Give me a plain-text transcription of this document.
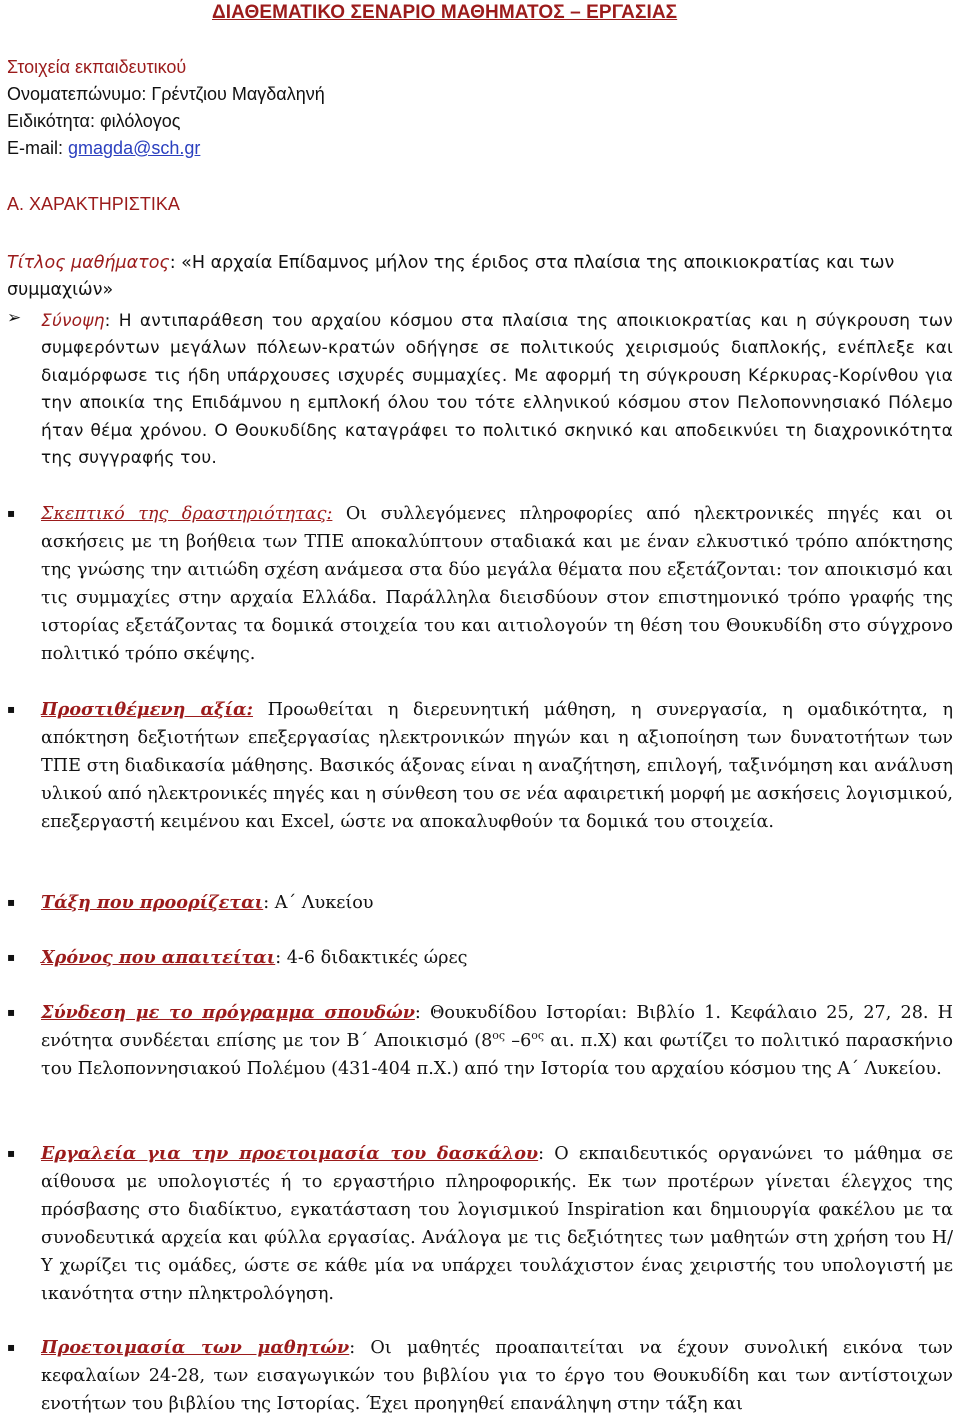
ΔΙΑΘΕΜΑΤΙΚΟ ΣΕΝΑΡΙΟ ΜΑΘΗΜΑΤΟΣ – ΕΡΓΑΣΙΑΣ
Στοιχεία εκπαιδευτικού
Ονοματεπώνυμο: Γρέντζιου Μαγδαληνή
Ειδικότητα: φιλόλογος
E-mail: gmagda@sch.gr
Α. ΧΑΡΑΚΤΗΡΙΣΤΙΚΑ
Τίτλος μαθήματος: «Η αρχαία Επίδαμνος μήλον της έριδος στα πλαίσια της αποικιοκρατίας και των συμμαχιών»
➢ Σύνοψη: Η αντιπαράθεση του αρχαίου κόσμου στα πλαίσια της αποικιοκρατίας και η σύγκρουση των συμφερόντων μεγάλων πόλεων-κρατών οδήγησε σε πολιτικούς χειρισμούς διαπλοκής, ενέπλεξε και διαμόρφωσε τις ήδη υπάρχουσες ισχυρές συμμαχίες. Με αφορμή τη σύγκρουση Κέρκυρας-Κορίνθου για την αποικία της Επιδάμνου η εμπλοκή όλου του τότε ελληνικού κόσμου στον Πελοποννησιακό Πόλεμο ήταν θέμα χρόνου. Ο Θουκυδίδης καταγράφει το πολιτικό σκηνικό και αποδεικνύει τη διαχρονικότητα της συγγραφής του.
▪ Σκεπτικό της δραστηριότητας: Οι συλλεγόμενες πληροφορίες από ηλεκτρονικές πηγές και οι ασκήσεις με τη βοήθεια των ΤΠΕ αποκαλύπτουν σταδιακά και με έναν ελκυστικό τρόπο απόκτησης της γνώσης την αιτιώδη σχέση ανάμεσα στα δύο μεγάλα θέματα που εξετάζονται: τον αποικισμό και τις συμμαχίες στην αρχαία Ελλάδα. Παράλληλα διεισδύουν στον επιστημονικό τρόπο γραφής της ιστορίας εξετάζοντας τα δομικά στοιχεία του και αιτιολογούν τη θέση του Θουκυδίδη στο σύγχρονο πολιτικό τρόπο σκέψης.
▪ Προστιθέμενη αξία: Προωθείται η διερευνητική μάθηση, η συνεργασία, η ομαδικότητα, η απόκτηση δεξιοτήτων επεξεργασίας ηλεκτρονικών πηγών και η αξιοποίηση των δυνατοτήτων των ΤΠΕ στη διαδικασία μάθησης. Βασικός άξονας είναι η αναζήτηση, επιλογή, ταξινόμηση και ανάλυση υλικού από ηλεκτρονικές πηγές και η σύνθεση του σε νέα αφαιρετική μορφή με ασκήσεις λογισμικού, επεξεργαστή κειμένου και Excel, ώστε να αποκαλυφθούν τα δομικά του στοιχεία.
▪ Τάξη που προορίζεται: Α΄ Λυκείου
▪ Χρόνος που απαιτείται: 4-6 διδακτικές ώρες
▪ Σύνδεση με το πρόγραμμα σπουδών: Θουκυδίδου Ιστορίαι: Βιβλίο 1. Κεφάλαιο 25, 27, 28. Η ενότητα συνδέεται επίσης με τον Β΄ Αποικισμό ($8^{o\varsigma}$ $-6^{o\varsigma}$ αι. π.Χ) και φωτίζει το πολιτικό παρασκήνιο του Πελοποννησιακού Πολέμου (431-404 π.Χ.) από την Ιστορία του αρχαίου κόσμου της Α΄ Λυκείου.
▪ Εργαλεία για την προετοιμασία του δασκάλου: Ο εκπαιδευτικός οργανώνει το μάθημα σε αίθουσα με υπολογιστές ή το εργαστήριο πληροφορικής. Εκ των προτέρων γίνεται έλεγχος της πρόσβασης στο διαδίκτυο, εγκατάσταση του λογισμικού Inspiration και δημιουργία φακέλου με τα συνοδευτικά αρχεία και φύλλα εργασίας. Ανάλογα με τις δεξιότητες των μαθητών στη χρήση του Η/Υ χωρίζει τις ομάδες, ώστε σε κάθε μία να υπάρχει τουλάχιστον ένας χειριστής του υπολογιστή με ικανότητα στην πληκτρολόγηση.
▪ Προετοιμασία των μαθητών: Οι μαθητές προαπαιτείται να έχουν συνολική εικόνα των κεφαλαίων 24-28, των εισαγωγικών του βιβλίου για το έργο του Θουκυδίδη και των αντίστοιχων ενοτήτων του βιβλίου της Ιστορίας. Έχει προηγηθεί επανάληψη στην τάξη και
